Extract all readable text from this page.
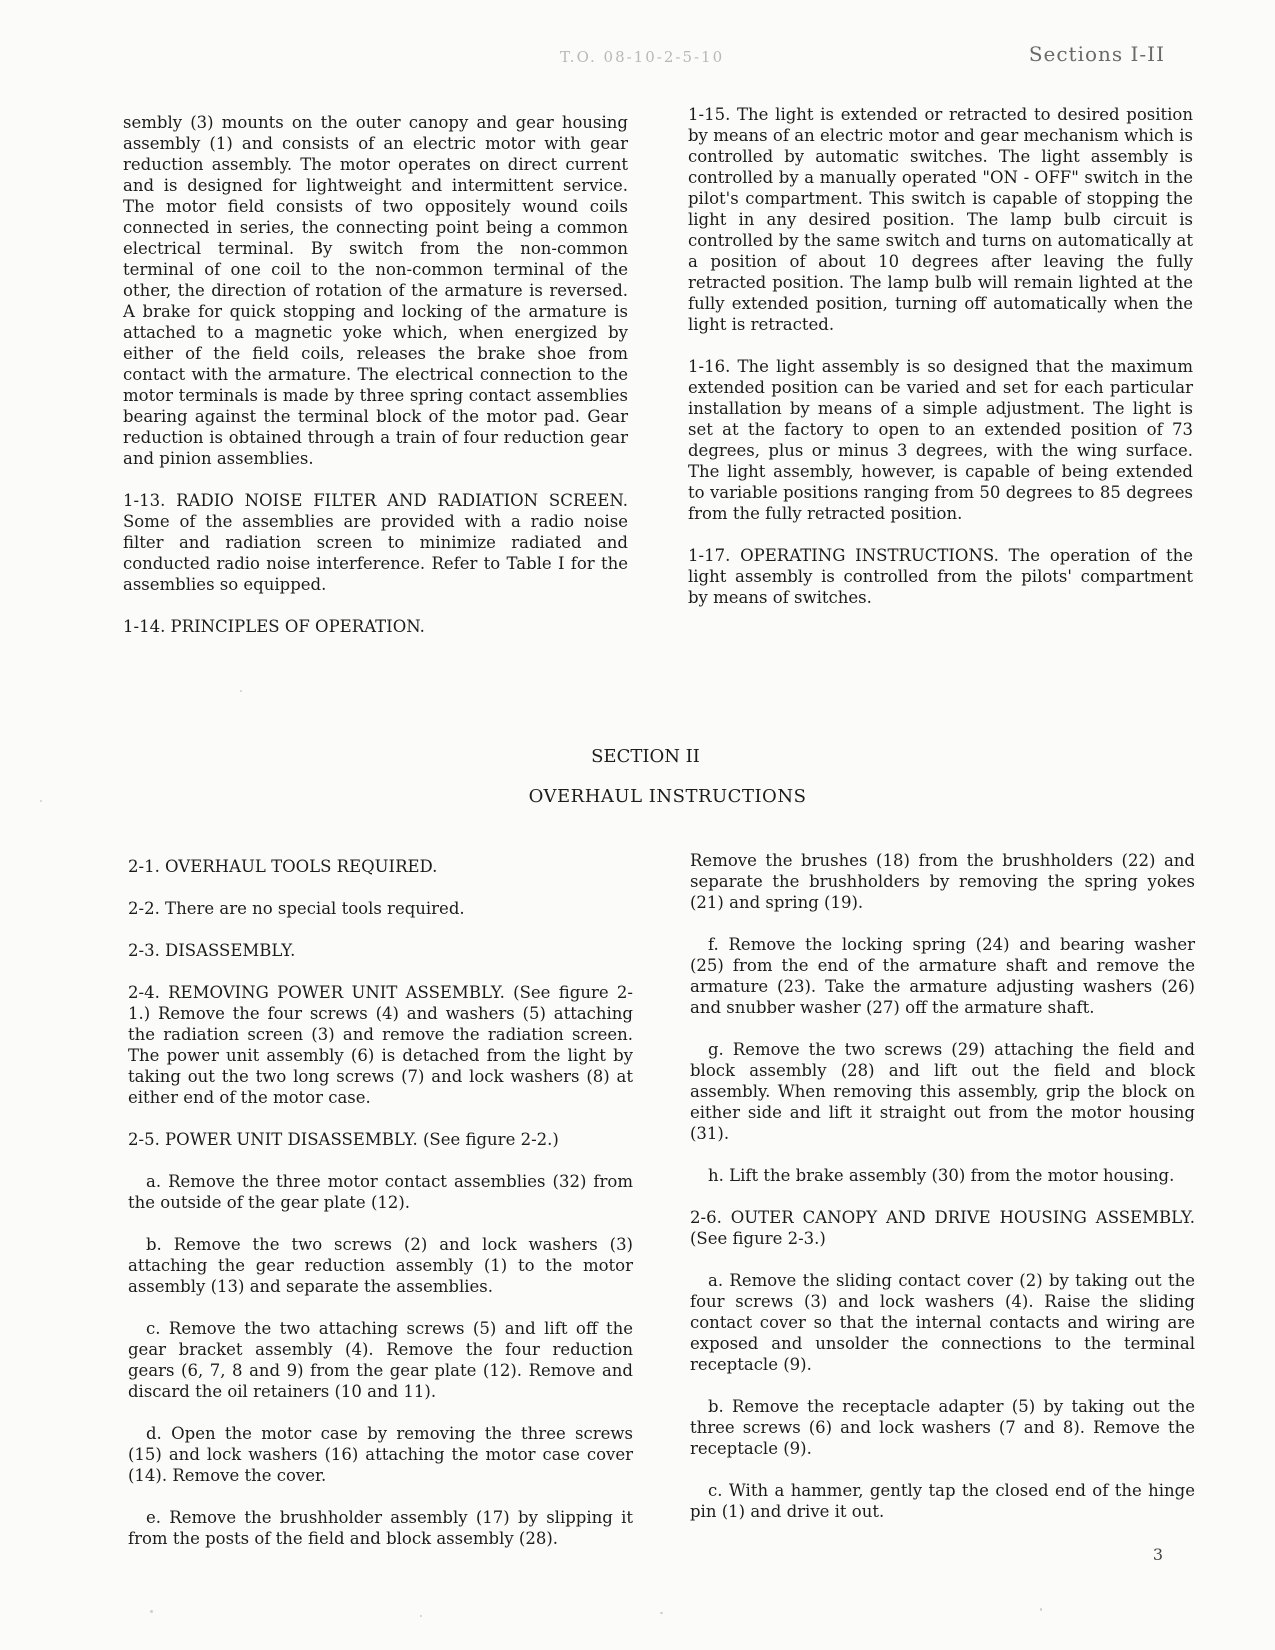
T.O. 08-10-2-5-10	Sections I-II

sembly (3) mounts on the outer canopy and gear housing assembly (1) and consists of an electric motor with gear reduction assembly. The motor operates on direct current and is designed for lightweight and intermittent service. The motor field consists of two oppositely wound coils connected in series, the connecting point being a common electrical terminal. By switch from the non-common terminal of one coil to the non-common terminal of the other, the direction of rotation of the armature is reversed. A brake for quick stopping and locking of the armature is attached to a magnetic yoke which, when energized by either of the field coils, releases the brake shoe from contact with the armature. The electrical connection to the motor terminals is made by three spring contact assemblies bearing against the terminal block of the motor pad. Gear reduction is obtained through a train of four reduction gear and pinion assemblies.

1-13. RADIO NOISE FILTER AND RADIATION SCREEN. Some of the assemblies are provided with a radio noise filter and radiation screen to minimize radiated and conducted radio noise interference. Refer to Table I for the assemblies so equipped.

1-14. PRINCIPLES OF OPERATION.

1-15. The light is extended or retracted to desired position by means of an electric motor and gear mechanism which is controlled by automatic switches. The light assembly is controlled by a manually operated "ON - OFF" switch in the pilot's compartment. This switch is capable of stopping the light in any desired position. The lamp bulb circuit is controlled by the same switch and turns on automatically at a position of about 10 degrees after leaving the fully retracted position. The lamp bulb will remain lighted at the fully extended position, turning off automatically when the light is retracted.

1-16. The light assembly is so designed that the maximum extended position can be varied and set for each particular installation by means of a simple adjustment. The light is set at the factory to open to an extended position of 73 degrees, plus or minus 3 degrees, with the wing surface. The light assembly, however, is capable of being extended to variable positions ranging from 50 degrees to 85 degrees from the fully retracted position.

1-17. OPERATING INSTRUCTIONS. The operation of the light assembly is controlled from the pilots' compartment by means of switches.

SECTION II
OVERHAUL INSTRUCTIONS

2-1. OVERHAUL TOOLS REQUIRED.

2-2. There are no special tools required.

2-3. DISASSEMBLY.

2-4. REMOVING POWER UNIT ASSEMBLY. (See figure 2-1.) Remove the four screws (4) and washers (5) attaching the radiation screen (3) and remove the radiation screen. The power unit assembly (6) is detached from the light by taking out the two long screws (7) and lock washers (8) at either end of the motor case.

2-5. POWER UNIT DISASSEMBLY. (See figure 2-2.)

a. Remove the three motor contact assemblies (32) from the outside of the gear plate (12).

b. Remove the two screws (2) and lock washers (3) attaching the gear reduction assembly (1) to the motor assembly (13) and separate the assemblies.

c. Remove the two attaching screws (5) and lift off the gear bracket assembly (4). Remove the four reduction gears (6, 7, 8 and 9) from the gear plate (12). Remove and discard the oil retainers (10 and 11).

d. Open the motor case by removing the three screws (15) and lock washers (16) attaching the motor case cover (14). Remove the cover.

e. Remove the brushholder assembly (17) by slipping it from the posts of the field and block assembly (28).

Remove the brushes (18) from the brushholders (22) and separate the brushholders by removing the spring yokes (21) and spring (19).

f. Remove the locking spring (24) and bearing washer (25) from the end of the armature shaft and remove the armature (23). Take the armature adjusting washers (26) and snubber washer (27) off the armature shaft.

g. Remove the two screws (29) attaching the field and block assembly (28) and lift out the field and block assembly. When removing this assembly, grip the block on either side and lift it straight out from the motor housing (31).

h. Lift the brake assembly (30) from the motor housing.

2-6. OUTER CANOPY AND DRIVE HOUSING ASSEMBLY. (See figure 2-3.)

a. Remove the sliding contact cover (2) by taking out the four screws (3) and lock washers (4). Raise the sliding contact cover so that the internal contacts and wiring are exposed and unsolder the connections to the terminal receptacle (9).

b. Remove the receptacle adapter (5) by taking out the three screws (6) and lock washers (7 and 8). Remove the receptacle (9).

c. With a hammer, gently tap the closed end of the hinge pin (1) and drive it out.

3
